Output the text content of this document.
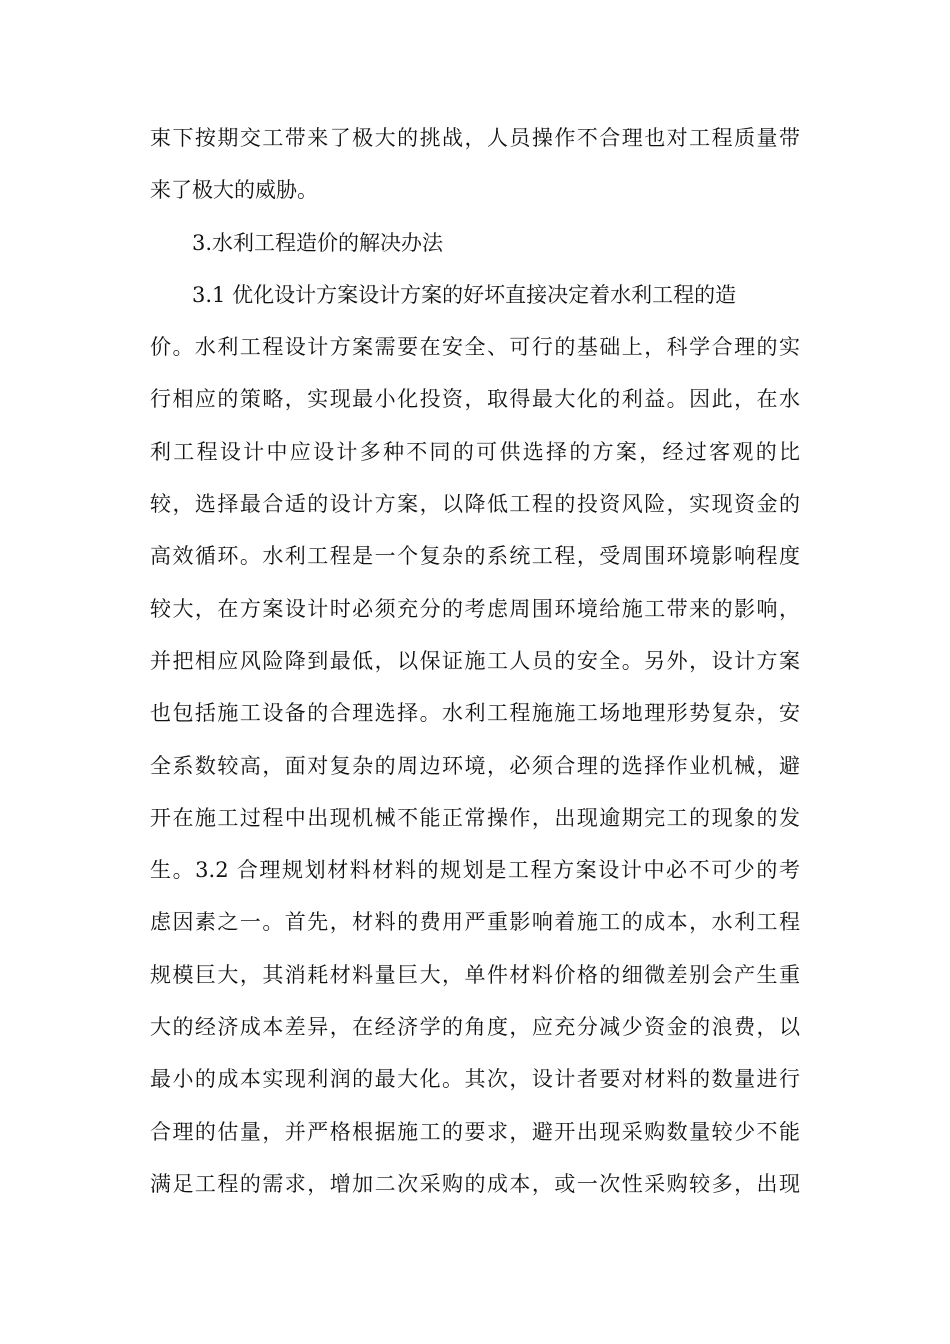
束下按期交工带来了极大的挑战，人员操作不合理也对工程质量带
来了极大的威胁。
3.水利工程造价的解决办法
3.1 优化设计方案设计方案的好坏直接决定着水利工程的造
价。水利工程设计方案需要在安全、可行的基础上，科学合理的实
行相应的策略，实现最小化投资，取得最大化的利益。因此，在水
利工程设计中应设计多种不同的可供选择的方案，经过客观的比
较，选择最合适的设计方案，以降低工程的投资风险，实现资金的
高效循环。水利工程是一个复杂的系统工程，受周围环境影响程度
较大，在方案设计时必须充分的考虑周围环境给施工带来的影响，
并把相应风险降到最低，以保证施工人员的安全。另外，设计方案
也包括施工设备的合理选择。水利工程施施工场地理形势复杂，安
全系数较高，面对复杂的周边环境，必须合理的选择作业机械，避
开在施工过程中出现机械不能正常操作，出现逾期完工的现象的发
生。3.2 合理规划材料材料的规划是工程方案设计中必不可少的考
虑因素之一。首先，材料的费用严重影响着施工的成本，水利工程
规模巨大，其消耗材料量巨大，单件材料价格的细微差别会产生重
大的经济成本差异，在经济学的角度，应充分减少资金的浪费，以
最小的成本实现利润的最大化。其次，设计者要对材料的数量进行
合理的估量，并严格根据施工的要求，避开出现采购数量较少不能
满足工程的需求，增加二次采购的成本，或一次性采购较多，出现
